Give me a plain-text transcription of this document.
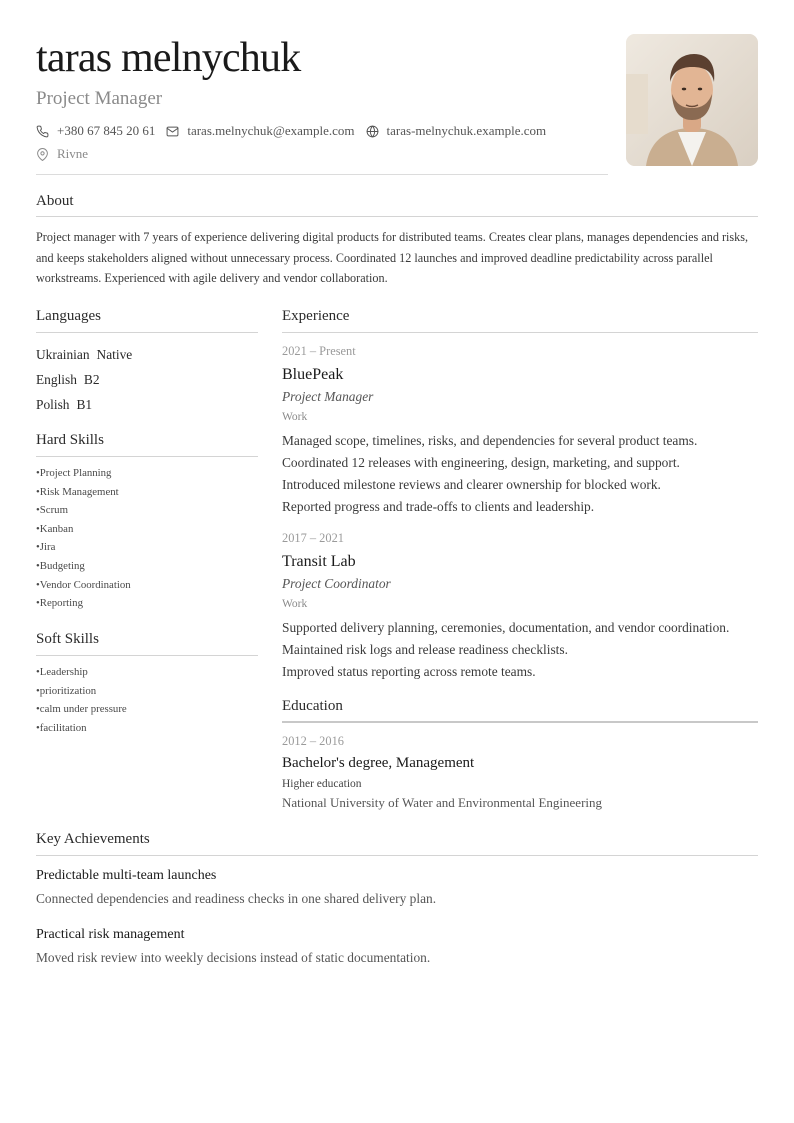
taras melnychuk
Project Manager
+380 67 845 20 61 taras.melnychuk@example.com taras-melnychuk.example.com
Rivne
About

Project manager with 7 years of experience delivering digital products for distributed teams. Creates clear plans, manages dependencies and risks, and keeps stakeholders aligned without unnecessary process. Coordinated 12 launches and improved deadline predictability across parallel workstreams. Experienced with agile delivery and vendor collaboration.

Languages
Ukrainian Native
English B2
Polish B1
Hard Skills
•Project Planning
•Risk Management
•Scrum
•Kanban
•Jira
•Budgeting
•Vendor Coordination
•Reporting
Soft Skills
•Leadership
•prioritization
•calm under pressure
•facilitation
Experience
2021 – Present
BluePeak
Project Manager
Work
Managed scope, timelines, risks, and dependencies for several product teams.
Coordinated 12 releases with engineering, design, marketing, and support.
Introduced milestone reviews and clearer ownership for blocked work.
Reported progress and trade-offs to clients and leadership.
2017 – 2021
Transit Lab
Project Coordinator
Work
Supported delivery planning, ceremonies, documentation, and vendor coordination.
Maintained risk logs and release readiness checklists.
Improved status reporting across remote teams.
Education
2012 – 2016
Bachelor's degree, Management
Higher education
National University of Water and Environmental Engineering
Key Achievements
Predictable multi-team launches
Connected dependencies and readiness checks in one shared delivery plan.
Practical risk management
Moved risk review into weekly decisions instead of static documentation.
